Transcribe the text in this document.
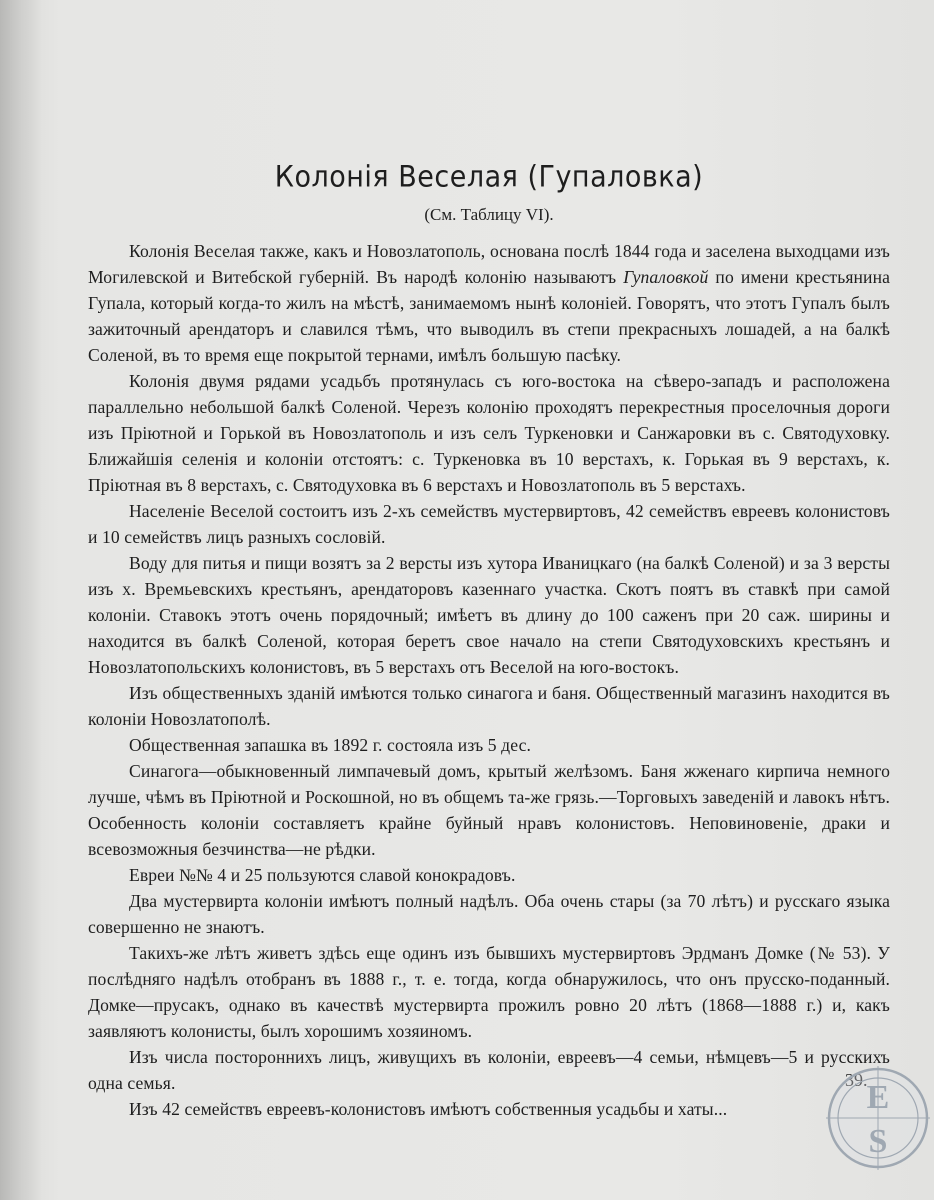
Колонія Веселая (Гупаловка)
(См. Таблицу VI).

Колонія Веселая также, какъ и Новозлатополь, основана послѣ 1844 года и заселена выходцами изъ Могилевской и Витебской губерній. Въ народѣ колонію называютъ Гупаловкой по имени крестьянина Гупала, который когда-то жилъ на мѣстѣ, занимаемомъ нынѣ колоніей. Говорятъ, что этотъ Гупалъ былъ зажиточный арендаторъ и славился тѣмъ, что выводилъ въ степи прекрасныхъ лошадей, а на балкѣ Соленой, въ то время еще покрытой тернами, имѣлъ большую пасѣку.

Колонія двумя рядами усадьбъ протянулась съ юго-востока на сѣверо-западъ и расположена параллельно небольшой балкѣ Соленой. Черезъ колонію проходятъ перекрестныя проселочныя дороги изъ Пріютной и Горькой въ Новозлатополь и изъ селъ Туркеновки и Санжаровки въ с. Святодуховку. Ближайшія селенія и колоніи отстоятъ: с. Туркеновка въ 10 верстахъ, к. Горькая въ 9 верстахъ, к. Пріютная въ 8 верстахъ, с. Святодуховка въ 6 верстахъ и Новозлатополь въ 5 верстахъ.

Населеніе Веселой состоитъ изъ 2-хъ семействъ мустервиртовъ, 42 семействъ евреевъ колонистовъ и 10 семействъ лицъ разныхъ сословій.

Воду для питья и пищи возятъ за 2 версты изъ хутора Иваницкаго (на балкѣ Соленой) и за 3 версты изъ х. Времьевскихъ крестьянъ, арендаторовъ казеннаго участка. Скотъ поятъ въ ставкѣ при самой колоніи. Ставокъ этотъ очень порядочный; имѣетъ въ длину до 100 саженъ при 20 саж. ширины и находится въ балкѣ Соленой, которая беретъ свое начало на степи Святодуховскихъ крестьянъ и Новозлатопольскихъ колонистовъ, въ 5 верстахъ отъ Веселой на юго-востокъ.

Изъ общественныхъ зданій имѣются только синагога и баня. Общественный магазинъ находится въ колоніи Новозлатополѣ.

Общественная запашка въ 1892 г. состояла изъ 5 дес.

Синагога—обыкновенный лимпачевый домъ, крытый желѣзомъ. Баня жженаго кирпича немного лучше, чѣмъ въ Пріютной и Роскошной, но въ общемъ та-же грязь.—Торговыхъ заведеній и лавокъ нѣтъ. Особенность колоніи составляетъ крайне буйный нравъ колонистовъ. Неповиновеніе, драки и всевозможныя безчинства—не рѣдки.

Евреи №№ 4 и 25 пользуются славой конокрадовъ.

Два мустервирта колоніи имѣютъ полный надѣлъ. Оба очень стары (за 70 лѣтъ) и русскаго языка совершенно не знаютъ.

Такихъ-же лѣтъ живетъ здѣсь еще одинъ изъ бывшихъ мустервиртовъ Эрдманъ Домке (№ 53). У послѣдняго надѣлъ отобранъ въ 1888 г., т. е. тогда, когда обнаружилось, что онъ прусско-поданный. Домке—прусакъ, однако въ качествѣ мустервирта прожилъ ровно 20 лѣтъ (1868—1888 г.) и, какъ заявляютъ колонисты, былъ хорошимъ хозяиномъ.

Изъ числа постороннихъ лицъ, живущихъ въ колоніи, евреевъ—4 семьи, нѣмцевъ—5 и русскихъ одна семья.

Изъ 42 семействъ евреевъ-колонистовъ имѣютъ собственныя усадьбы и хаты...	E
S
